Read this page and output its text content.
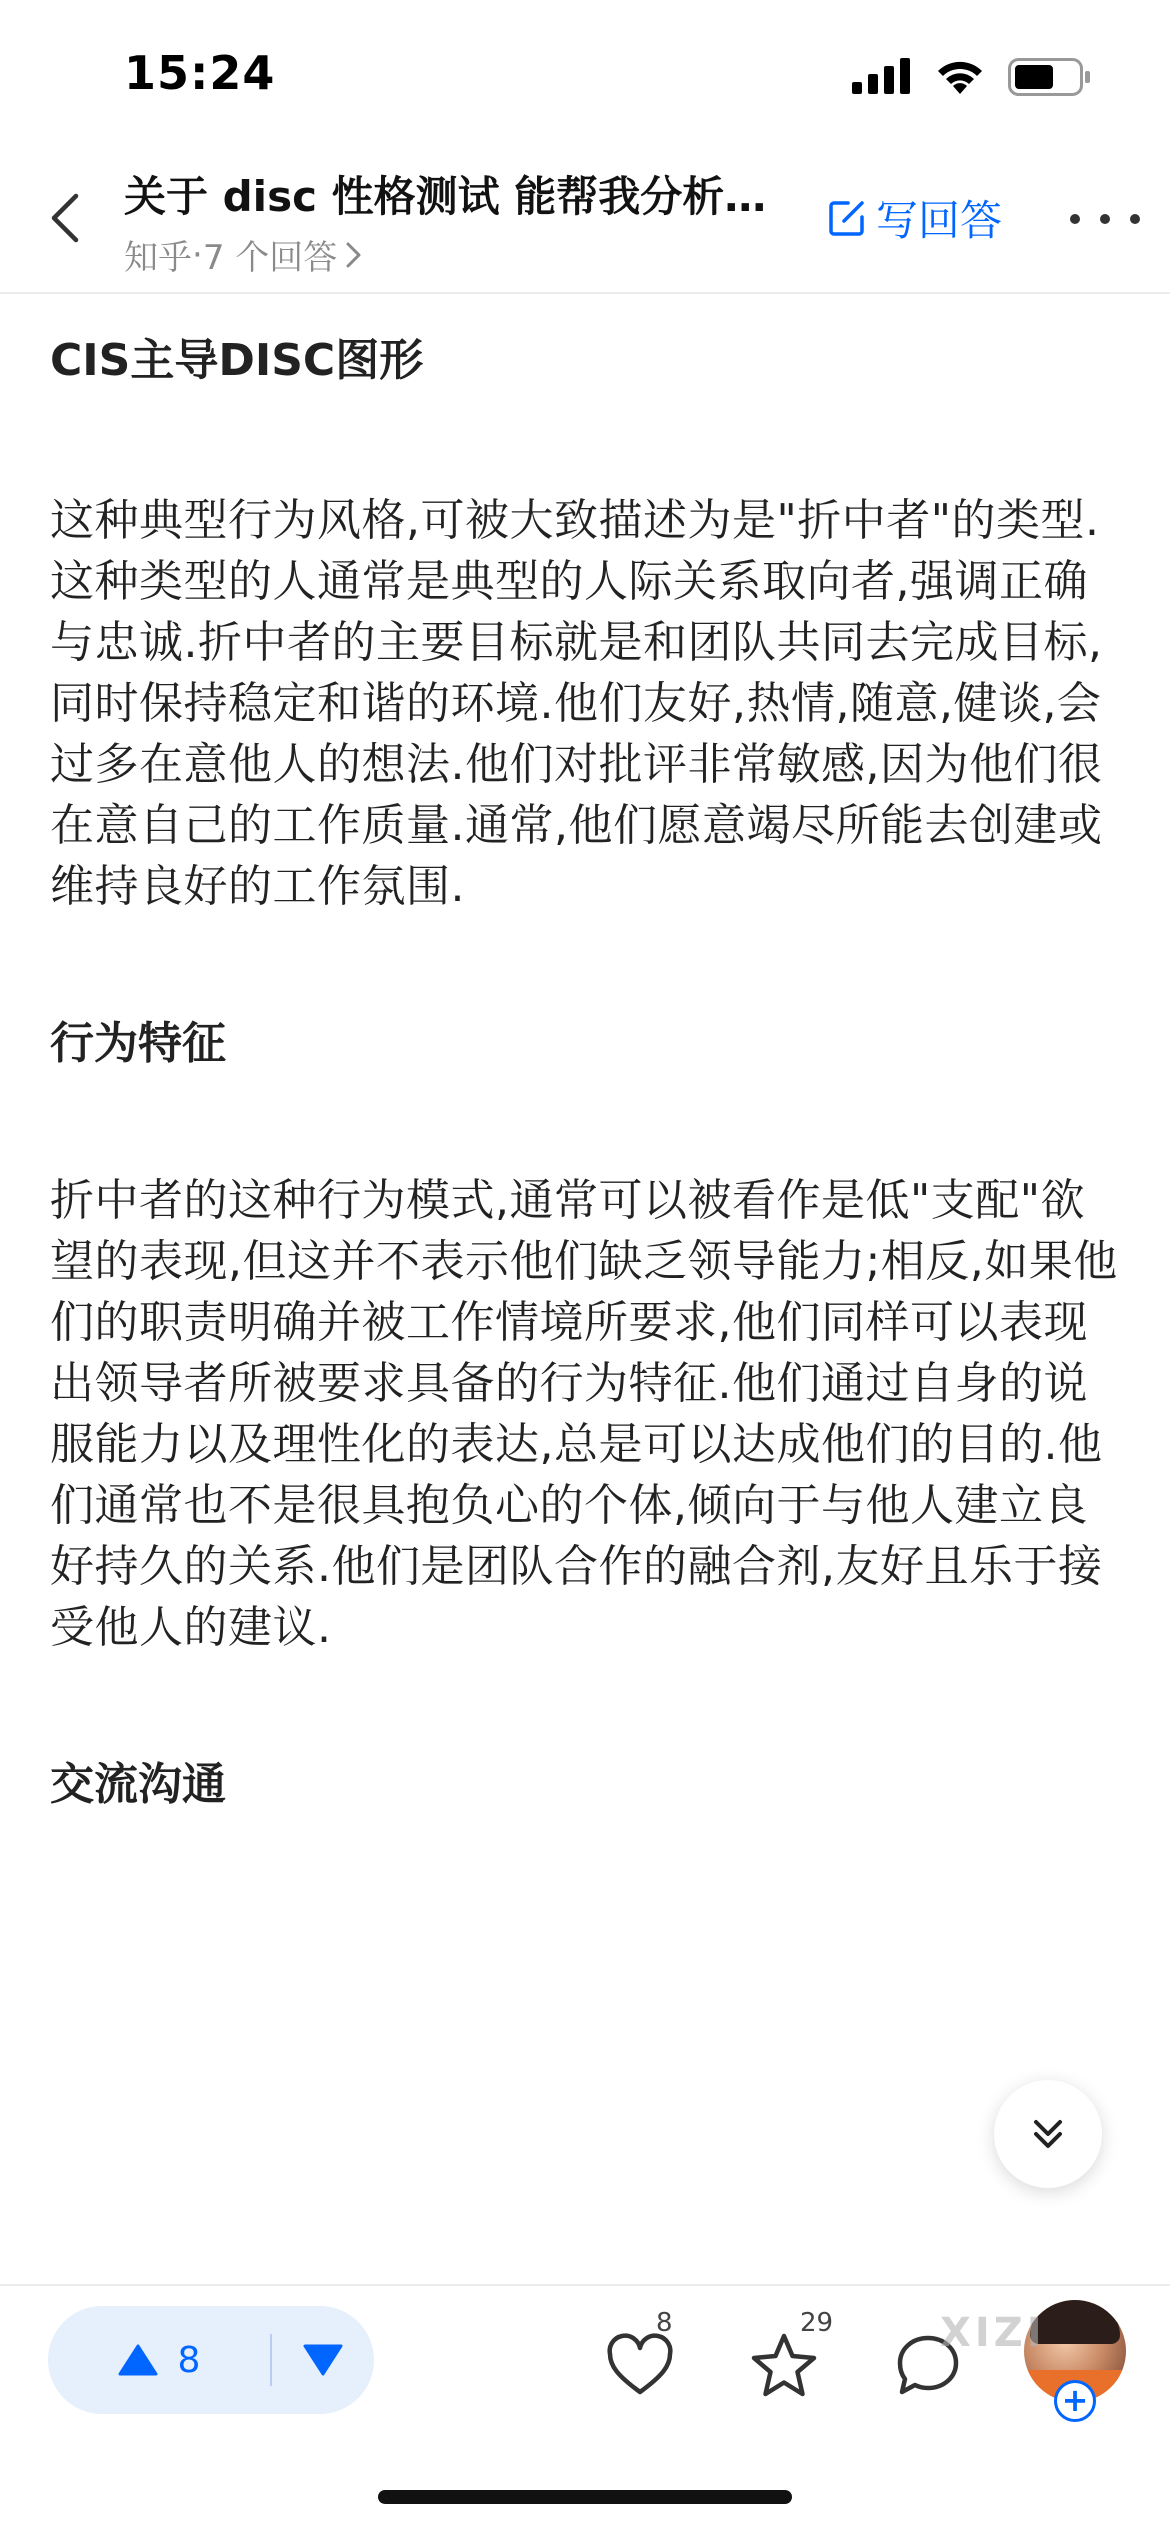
15:24
关于 disc 性格测试 能帮我分析…
知乎 · 7 个回答
写回答
CIS主导DISC图形
这种典型行为风格,可被大致描述为是"折中者"的类型.这种类型的人通常是典型的人际关系取向者,强调正确与忠诚.折中者的主要目标就是和团队共同去完成目标,同时保持稳定和谐的环境.他们友好,热情,随意,健谈,会过多在意他人的想法.他们对批评非常敏感,因为他们很在意自己的工作质量.通常,他们愿意竭尽所能去创建或维持良好的工作氛围.
行为特征
折中者的这种行为模式,通常可以被看作是低"支配"欲望的表现,但这并不表示他们缺乏领导能力;相反,如果他们的职责明确并被工作情境所要求,他们同样可以表现出领导者所被要求具备的行为特征.他们通过自身的说服能力以及理性化的表达,总是可以达成他们的目的.他们通常也不是很具抱负心的个体,倾向于与他人建立良好持久的关系.他们是团队合作的融合剂,友好且乐于接受他人的建议.
交流沟通
8
8	29
+
XIZI
